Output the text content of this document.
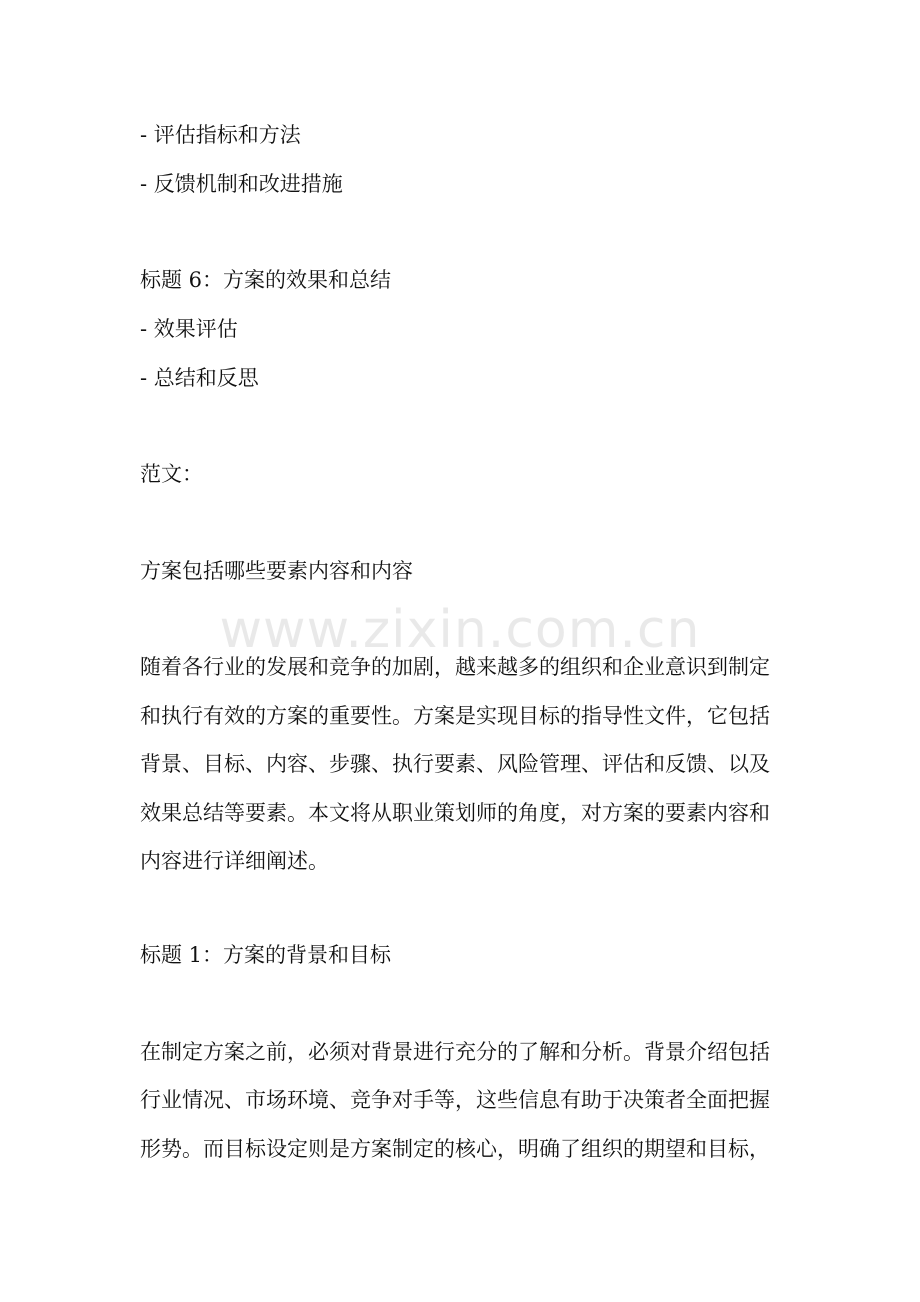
- 评估指标和方法
- 反馈机制和改进措施
标题 6：方案的效果和总结
- 效果评估
- 总结和反思
范文：
方案包括哪些要素内容和内容
随着各行业的发展和竞争的加剧，越来越多的组织和企业意识到制定
和执行有效的方案的重要性。方案是实现目标的指导性文件，它包括
背景、目标、内容、步骤、执行要素、风险管理、评估和反馈、以及
效果总结等要素。本文将从职业策划师的角度，对方案的要素内容和
内容进行详细阐述。
标题 1：方案的背景和目标
在制定方案之前，必须对背景进行充分的了解和分析。背景介绍包括
行业情况、市场环境、竞争对手等，这些信息有助于决策者全面把握
形势。而目标设定则是方案制定的核心，明确了组织的期望和目标，
www.zixin.com.cn
